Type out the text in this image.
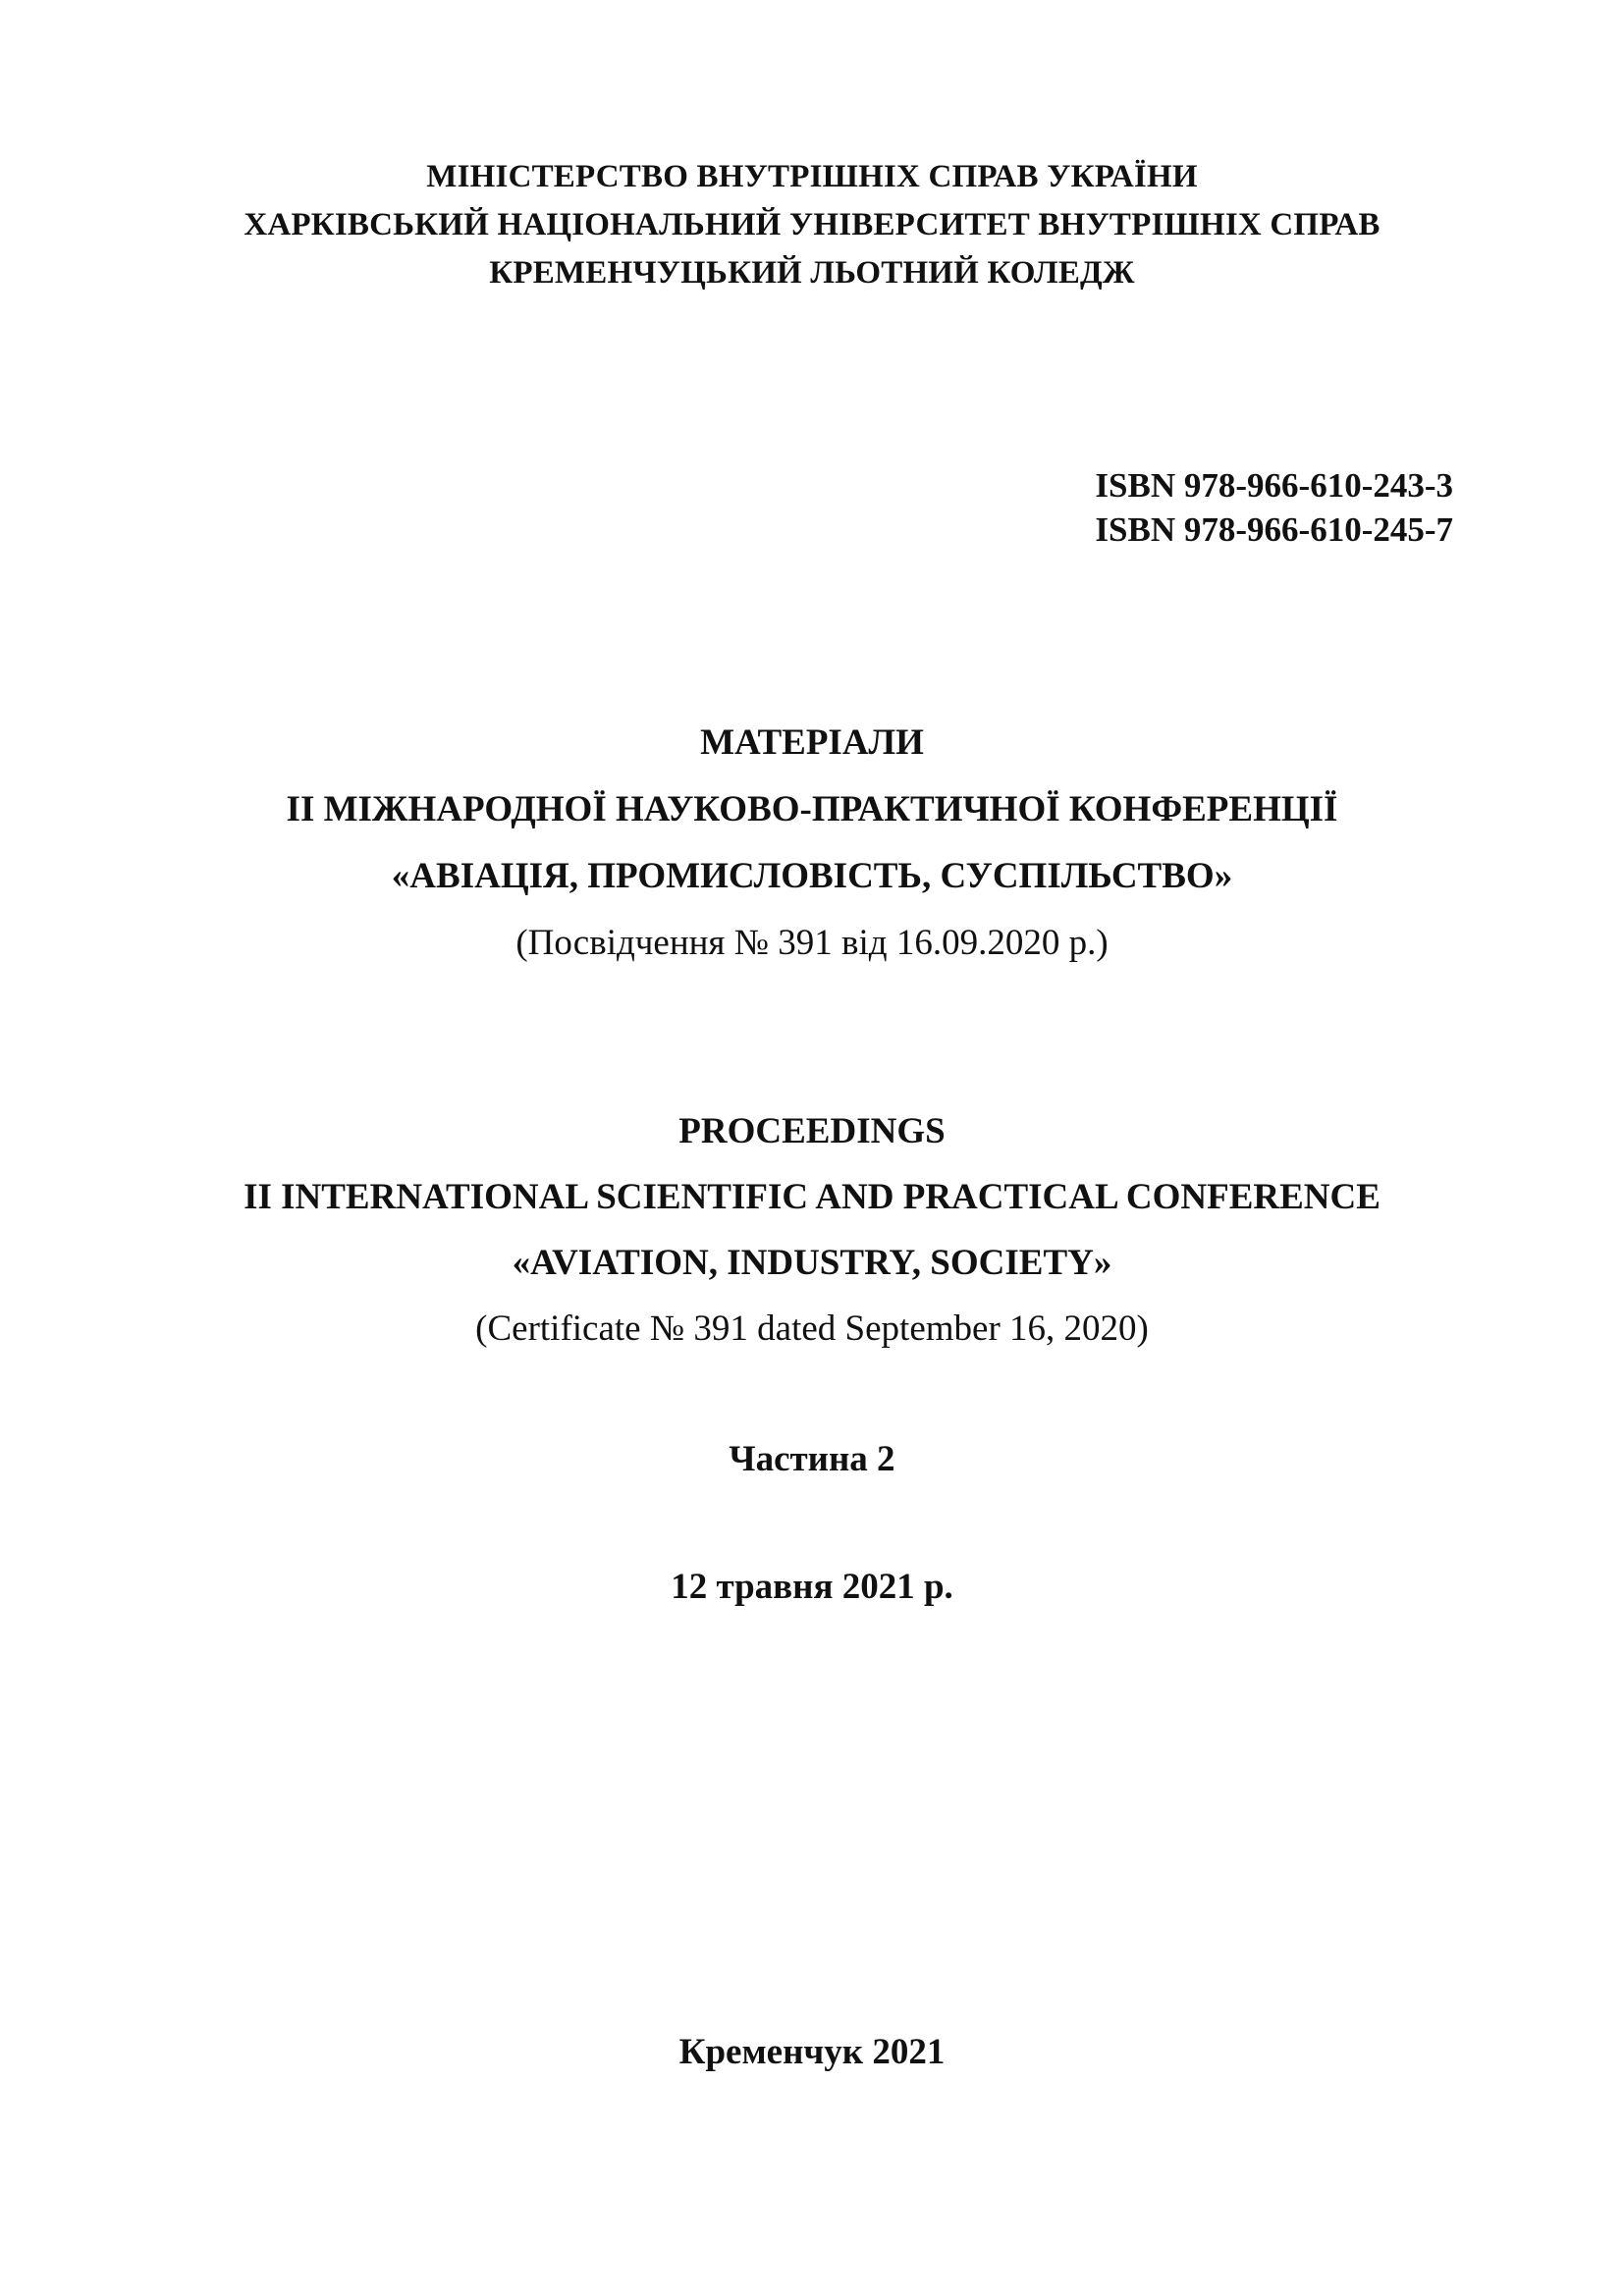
МІНІСТЕРСТВО ВНУТРІШНІХ СПРАВ УКРАЇНИ
ХАРКІВСЬКИЙ НАЦІОНАЛЬНИЙ УНІВЕРСИТЕТ ВНУТРІШНІХ СПРАВ
КРЕМЕНЧУЦЬКИЙ ЛЬОТНИЙ КОЛЕДЖ
ISBN 978-966-610-243-3
ISBN 978-966-610-245-7
МАТЕРІАЛИ
ІІ МІЖНАРОДНОЇ НАУКОВО-ПРАКТИЧНОЇ КОНФЕРЕНЦІЇ
«АВІАЦІЯ, ПРОМИСЛОВІСТЬ, СУСПІЛЬСТВО»
(Посвідчення № 391 від 16.09.2020 р.)
PROCEEDINGS
II INTERNATIONAL SCIENTIFIC AND PRACTICAL CONFERENCE
«AVIATION, INDUSTRY, SOCIETY»
(Certificate № 391 dated September 16, 2020)
Частина 2
12 травня 2021 р.
Кременчук 2021
